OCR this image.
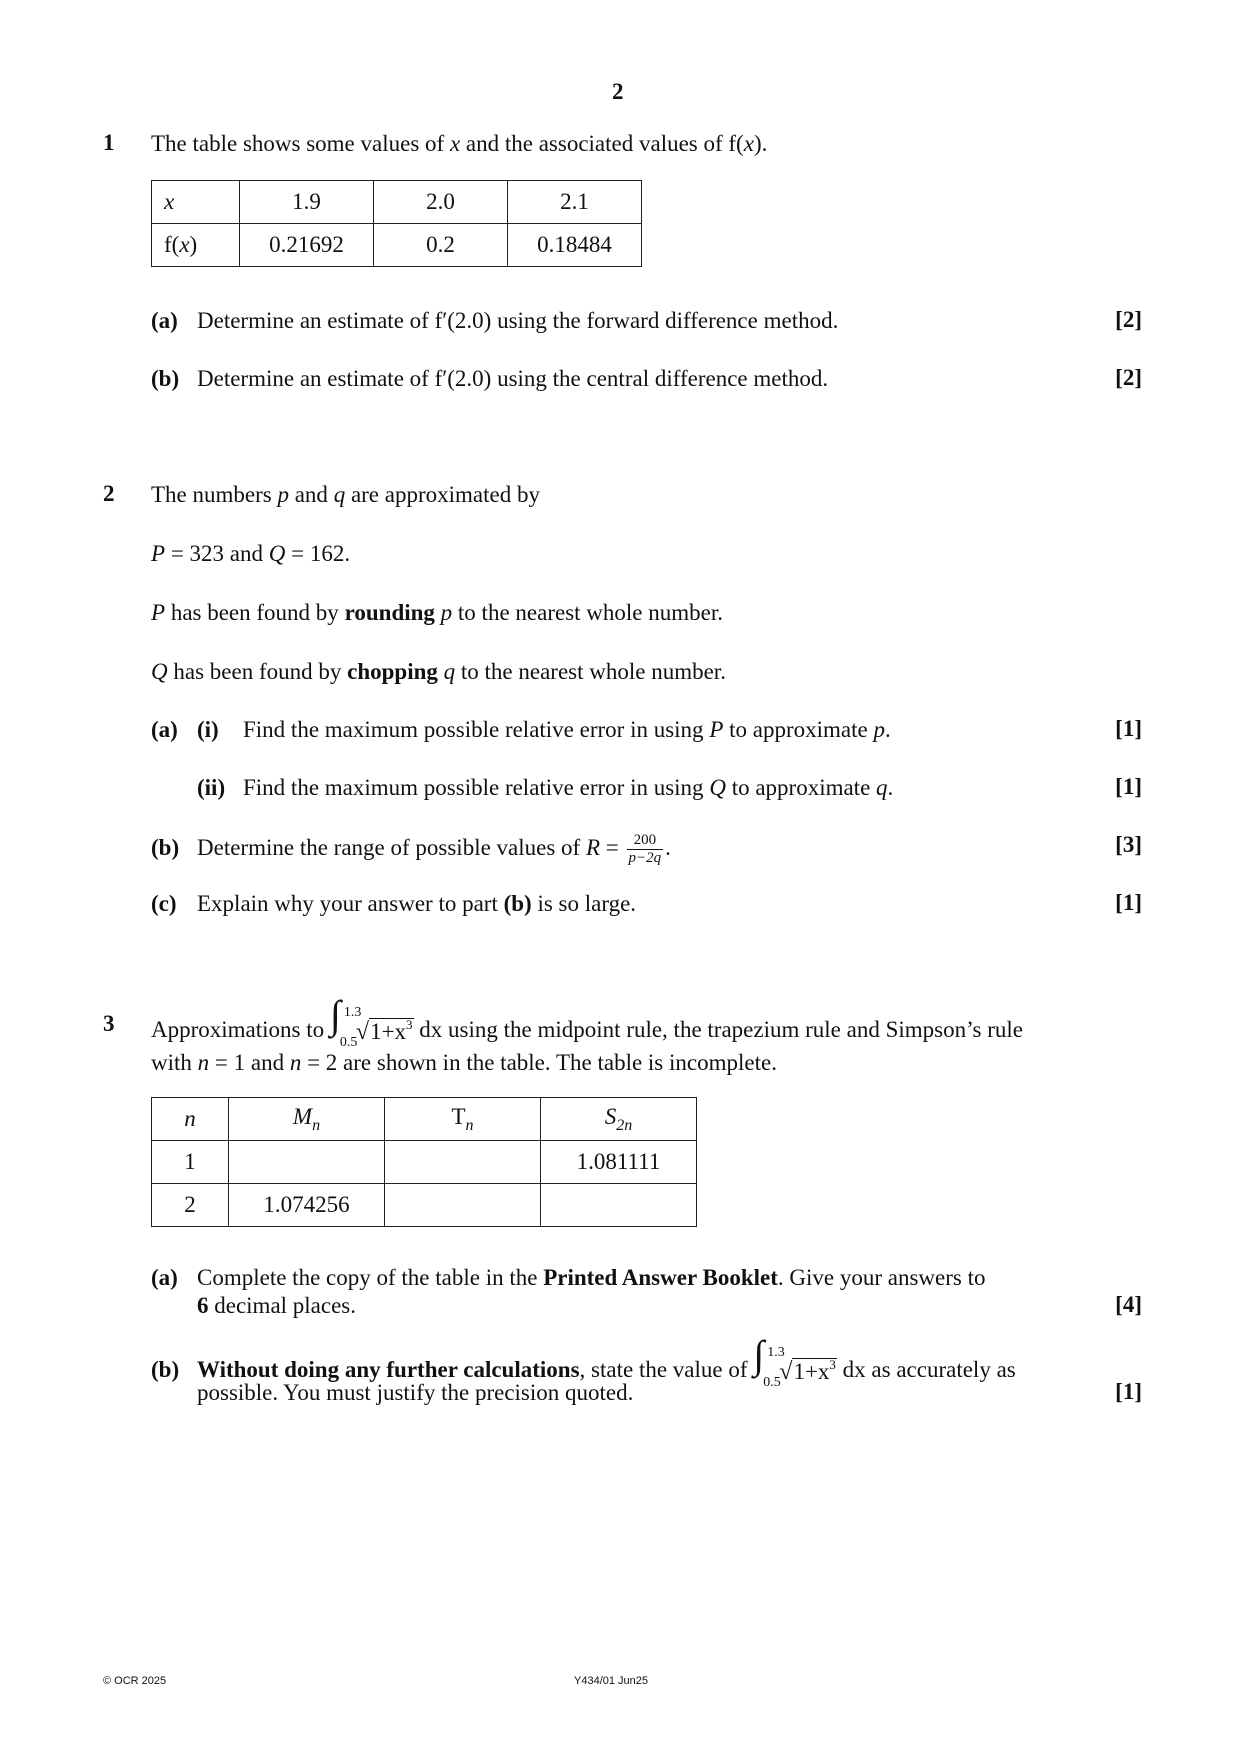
2
1 The table shows some values of x and the associated values of f(x).
x	1.9	2.0	2.1
f(x)	0.21692	0.2	0.18484
(a) Determine an estimate of f′(2.0) using the forward difference method.	[2]
(b) Determine an estimate of f′(2.0) using the central difference method.	[2]
2 The numbers p and q are approximated by
P = 323 and Q = 162.
P has been found by rounding p to the nearest whole number.
Q has been found by chopping q to the nearest whole number.
(a) (i) Find the maximum possible relative error in using P to approximate p.	[1]
(ii) Find the maximum possible relative error in using Q to approximate q.	[1]
(b) Determine the range of possible values of $R = \frac{200}{p-2q}$ .	[3]
(c) Explain why your answer to part (b) is so large.	[1]
3 Approximations to ∫ 1.3
0.5
$√1+x^3$ dx using the midpoint rule, the trapezium rule and Simpson’s rule
with n = 1 and n = 2 are shown in the table. The table is incomplete.
n	$M_n$	$T_n$	$S_{2n}$
1			1.081111
2	1.074256		
(a) Complete the copy of the table in the Printed Answer Booklet. Give your answers to
6 decimal places.	[4]
(b) Without doing any further calculations, state the value of ∫ 1.3
0.5
$√1+x^3$ dx as accurately as
possible. You must justify the precision quoted.	[1]
© OCR 2025	Y434/01 Jun25
